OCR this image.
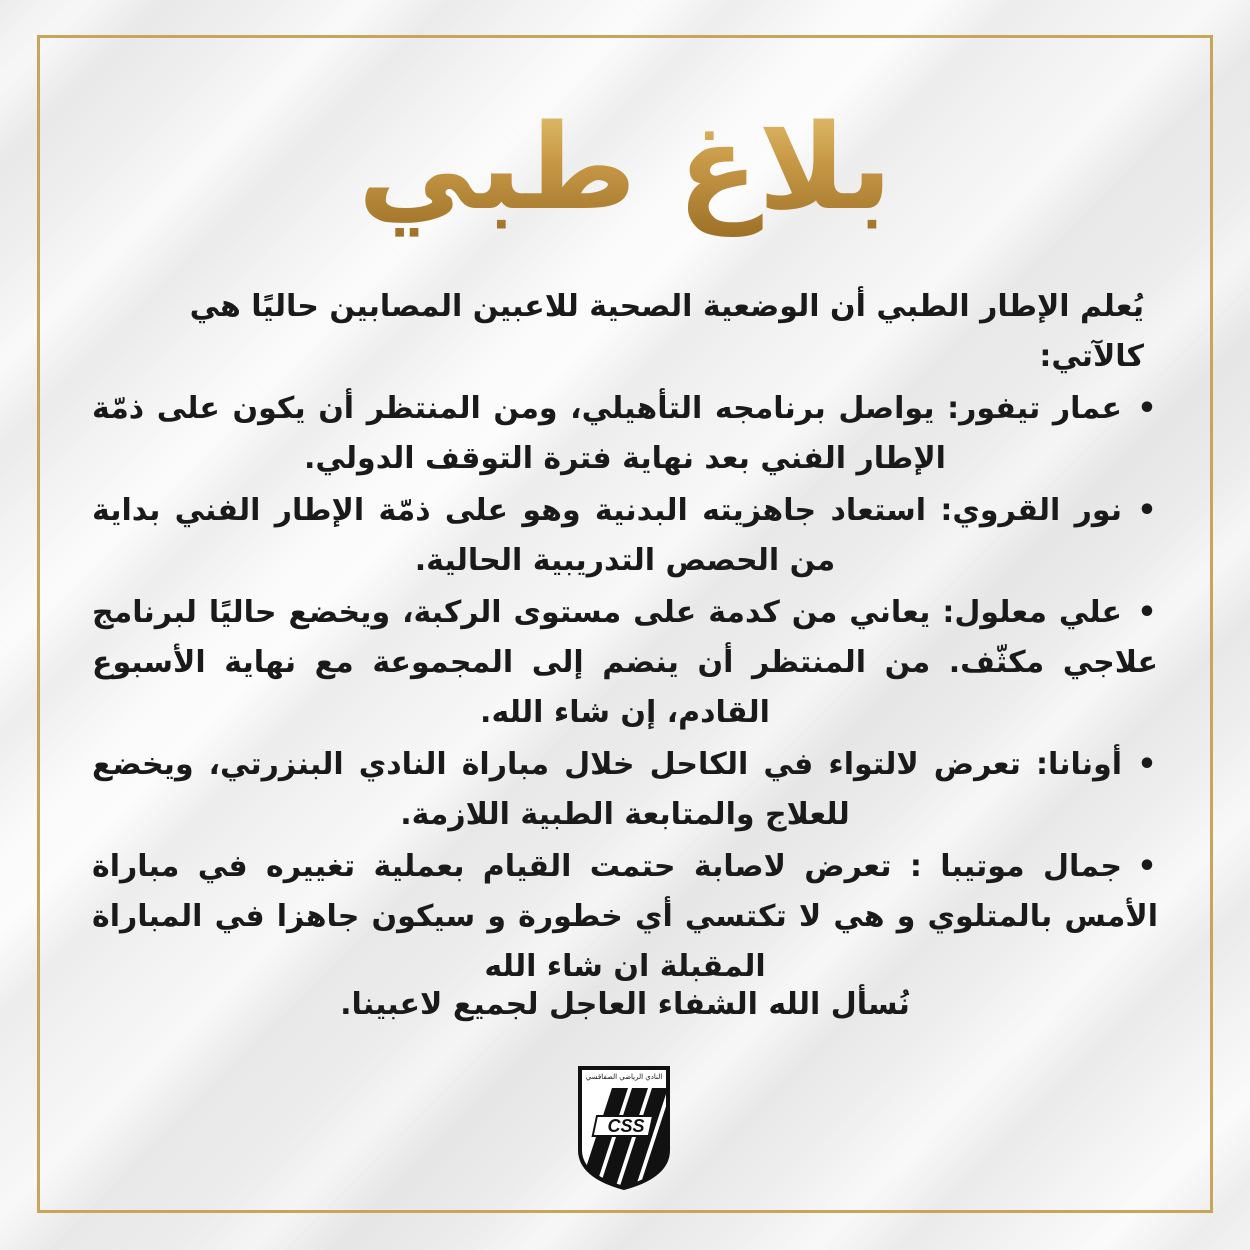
بلاغ طبي

يُعلم الإطار الطبي أن الوضعية الصحية للاعبين المصابين حاليًا هي كالآتي:

•عمار تيفور: يواصل برنامجه التأهيلي، ومن المنتظر أن يكون على ذمّة الإطار الفني بعد نهاية فترة التوقف الدولي.
•نور القروي: استعاد جاهزيته البدنية وهو على ذمّة الإطار الفني بداية من الحصص التدريبية الحالية.
•علي معلول: يعاني من كدمة على مستوى الركبة، ويخضع حاليًا لبرنامج علاجي مكثّف. من المنتظر أن ينضم إلى المجموعة مع نهاية الأسبوع القادم، إن شاء الله.
•أونانا: تعرض لالتواء في الكاحل خلال مباراة النادي البنزرتي، ويخضع للعلاج والمتابعة الطبية اللازمة.
•جمال موتيبا : تعرض لاصابة حتمت القيام بعملية تغييره في مباراة الأمس بالمتلوي و هي لا تكتسي أي خطورة و سيكون جاهزا في المباراة المقبلة ان شاء الله
نُسأل الله الشفاء العاجل لجميع لاعبينا.
النادي الرياضي الصفاقسي
CSS
